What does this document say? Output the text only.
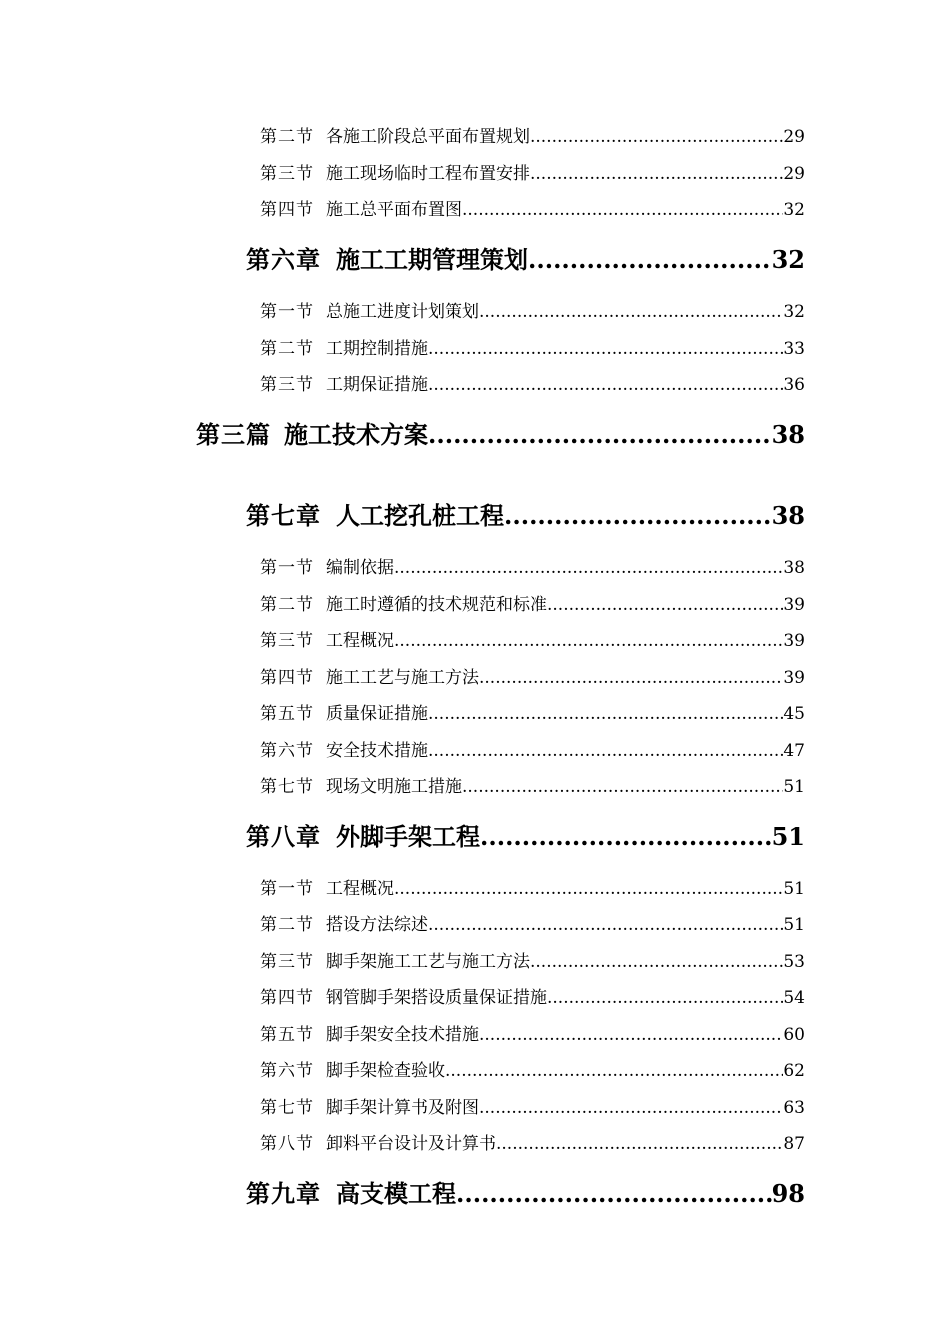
第二节 各施工阶段总平面布置规划 .....	29
第三节 施工现场临时工程布置安排 .....	29
第四节 施工总平面布置图 .....	32
第六章 施工工期管理策划 .....	32
第一节 总施工进度计划策划 .....	32
第二节 工期控制措施 .....	33
第三节 工期保证措施 .....	36
第三篇 施工技术方案 .....	38
第七章 人工挖孔桩工程 .....	38
第一节 编制依据 .....	38
第二节 施工时遵循的技术规范和标准 .....	39
第三节 工程概况 .....	39
第四节 施工工艺与施工方法 .....	39
第五节 质量保证措施 .....	45
第六节 安全技术措施 .....	47
第七节 现场文明施工措施 .....	51
第八章 外脚手架工程 .....	51
第一节 工程概况 .....	51
第二节 搭设方法综述 .....	51
第三节 脚手架施工工艺与施工方法 .....	53
第四节 钢管脚手架搭设质量保证措施 .....	54
第五节 脚手架安全技术措施 .....	60
第六节 脚手架检查验收 .....	62
第七节 脚手架计算书及附图 .....	63
第八节 卸料平台设计及计算书 .....	87
第九章 高支模工程 .....	98
